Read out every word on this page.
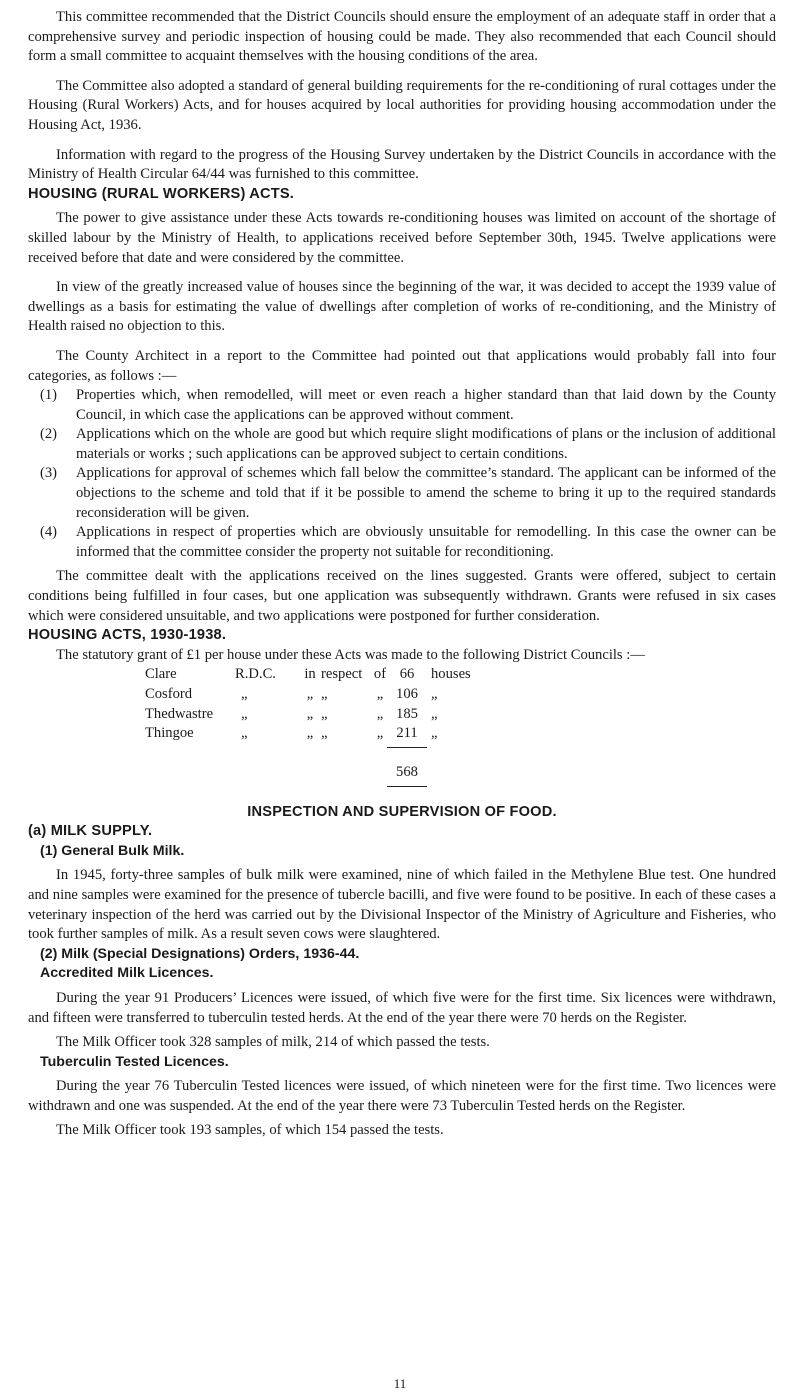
This committee recommended that the District Councils should ensure the employment of an adequate staff in order that a comprehensive survey and periodic inspection of housing could be made. They also recommended that each Council should form a small committee to acquaint themselves with the housing conditions of the area.

The Committee also adopted a standard of general building requirements for the re-conditioning of rural cottages under the Housing (Rural Workers) Acts, and for houses acquired by local authorities for providing housing accommodation under the Housing Act, 1936.

Information with regard to the progress of the Housing Survey undertaken by the District Councils in accordance with the Ministry of Health Circular 64/44 was furnished to this committee.

HOUSING (RURAL WORKERS) ACTS.

The power to give assistance under these Acts towards re-conditioning houses was limited on account of the shortage of skilled labour by the Ministry of Health, to applications received before September 30th, 1945. Twelve applications were received before that date and were considered by the committee.

In view of the greatly increased value of houses since the beginning of the war, it was decided to accept the 1939 value of dwellings as a basis for estimating the value of dwellings after completion of works of re-conditioning, and the Ministry of Health raised no objection to this.

The County Architect in a report to the Committee had pointed out that applications would probably fall into four categories, as follows :—

(1)	Properties which, when remodelled, will meet or even reach a higher standard than that laid down by the County Council, in which case the applications can be approved without comment.
(2)	Applications which on the whole are good but which require slight modifications of plans or the inclusion of additional materials or works ; such applications can be approved subject to certain conditions.
(3)	Applications for approval of schemes which fall below the committee’s standard. The applicant can be informed of the objections to the scheme and told that if it be possible to amend the scheme to bring it up to the required standards reconsideration will be given.
(4)	Applications in respect of properties which are obviously unsuitable for remodelling. In this case the owner can be informed that the committee consider the property not suitable for reconditioning.

The committee dealt with the applications received on the lines suggested. Grants were offered, subject to certain conditions being fulfilled in four cases, but one application was subsequently withdrawn. Grants were refused in six cases which were considered unsuitable, and two applications were postponed for further consideration.

HOUSING ACTS, 1930-1938.

The statutory grant of £1 per house under these Acts was made to the following District Councils :—

Clare	R.D.C.	in	respect	of	66	houses
Cosford	„	„	„	„	106	„
Thedwastre	„	„	„	„	185	„
Thingoe	„	„	„	„	211	„

					568	

INSPECTION AND SUPERVISION OF FOOD.
(a) MILK SUPPLY.
(1) General Bulk Milk.

In 1945, forty-three samples of bulk milk were examined, nine of which failed in the Methylene Blue test. One hundred and nine samples were examined for the presence of tubercle bacilli, and five were found to be positive. In each of these cases a veterinary inspection of the herd was carried out by the Divisional Inspector of the Ministry of Agriculture and Fisheries, who took further samples of milk. As a result seven cows were slaughtered.

(2) Milk (Special Designations) Orders, 1936-44.
Accredited Milk Licences.

During the year 91 Producers’ Licences were issued, of which five were for the first time. Six licences were withdrawn, and fifteen were transferred to tuberculin tested herds. At the end of the year there were 70 herds on the Register.

The Milk Officer took 328 samples of milk, 214 of which passed the tests.

Tuberculin Tested Licences.

During the year 76 Tuberculin Tested licences were issued, of which nineteen were for the first time. Two licences were withdrawn and one was suspended. At the end of the year there were 73 Tuberculin Tested herds on the Register.

The Milk Officer took 193 samples, of which 154 passed the tests.

11
